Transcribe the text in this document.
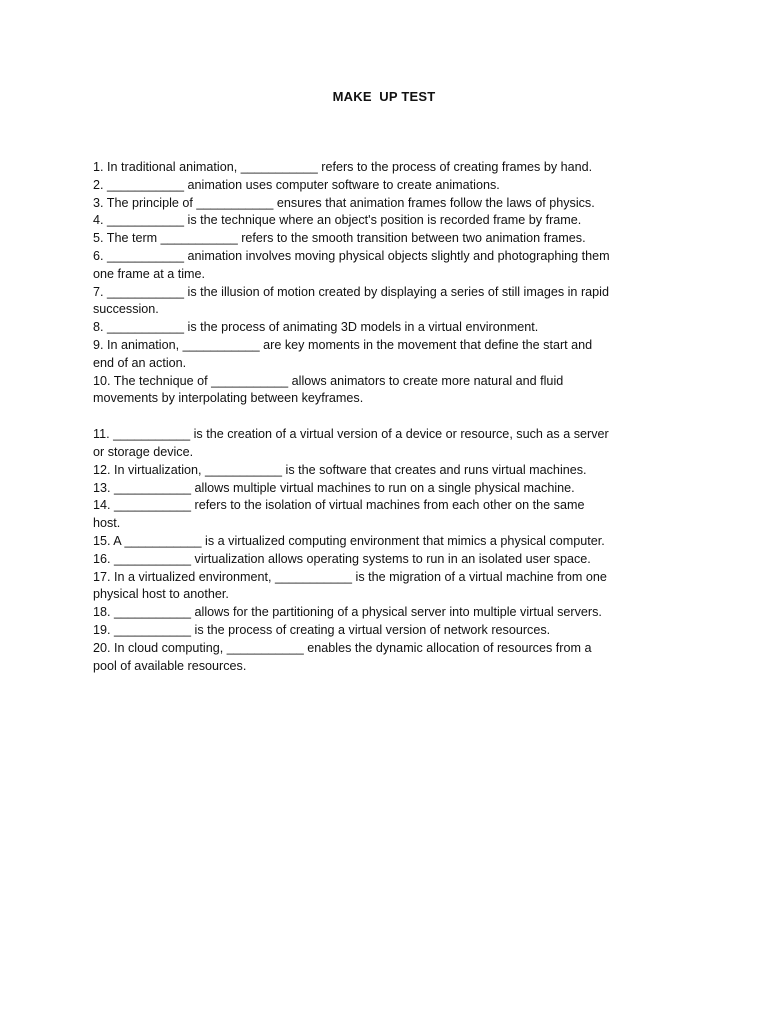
MAKE  UP TEST
1. In traditional animation, ___________ refers to the process of creating frames by hand.
2. ___________ animation uses computer software to create animations.
3. The principle of ___________ ensures that animation frames follow the laws of physics.
4. ___________ is the technique where an object's position is recorded frame by frame.
5. The term ___________ refers to the smooth transition between two animation frames.
6. ___________ animation involves moving physical objects slightly and photographing them
one frame at a time.
7. ___________ is the illusion of motion created by displaying a series of still images in rapid
succession.
8. ___________ is the process of animating 3D models in a virtual environment.
9. In animation, ___________ are key moments in the movement that define the start and
end of an action.
10. The technique of ___________ allows animators to create more natural and fluid
movements by interpolating between keyframes.
11. ___________ is the creation of a virtual version of a device or resource, such as a server
or storage device.
12. In virtualization, ___________ is the software that creates and runs virtual machines.
13. ___________ allows multiple virtual machines to run on a single physical machine.
14. ___________ refers to the isolation of virtual machines from each other on the same
host.
15. A ___________ is a virtualized computing environment that mimics a physical computer.
16. ___________ virtualization allows operating systems to run in an isolated user space.
17. In a virtualized environment, ___________ is the migration of a virtual machine from one
physical host to another.
18. ___________ allows for the partitioning of a physical server into multiple virtual servers.
19. ___________ is the process of creating a virtual version of network resources.
20. In cloud computing, ___________ enables the dynamic allocation of resources from a
pool of available resources.
